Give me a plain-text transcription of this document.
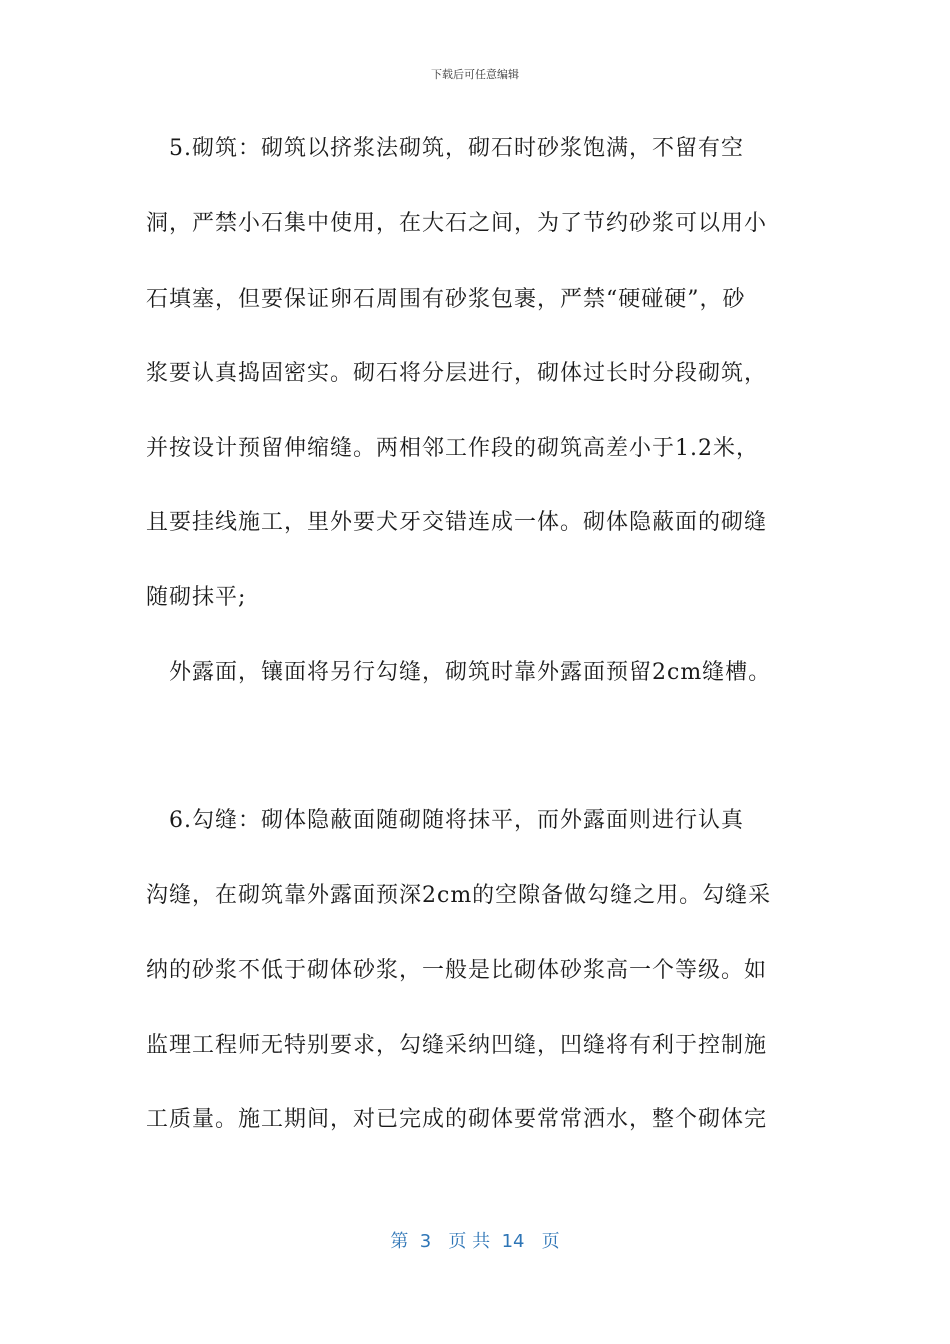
下载后可任意编辑
　5.砌筑：砌筑以挤浆法砌筑，砌石时砂浆饱满，不留有空
洞，严禁小石集中使用，在大石之间，为了节约砂浆可以用小
石填塞，但要保证卵石周围有砂浆包裹，严禁“硬碰硬”，砂
浆要认真捣固密实。砌石将分层进行，砌体过长时分段砌筑，
并按设计预留伸缩缝。两相邻工作段的砌筑高差小于1.2米，
且要挂线施工，里外要犬牙交错连成一体。砌体隐蔽面的砌缝
随砌抹平;
　外露面，镶面将另行勾缝，砌筑时靠外露面预留2cm缝槽。
　6.勾缝：砌体隐蔽面随砌随将抹平，而外露面则进行认真
沟缝，在砌筑靠外露面预深2cm的空隙备做勾缝之用。勾缝采
纳的砂浆不低于砌体砂浆，一般是比砌体砂浆高一个等级。如
监理工程师无特别要求，勾缝采纳凹缝，凹缝将有利于控制施
工质量。施工期间，对已完成的砌体要常常洒水，整个砌体完
第  3   页 共  14   页
